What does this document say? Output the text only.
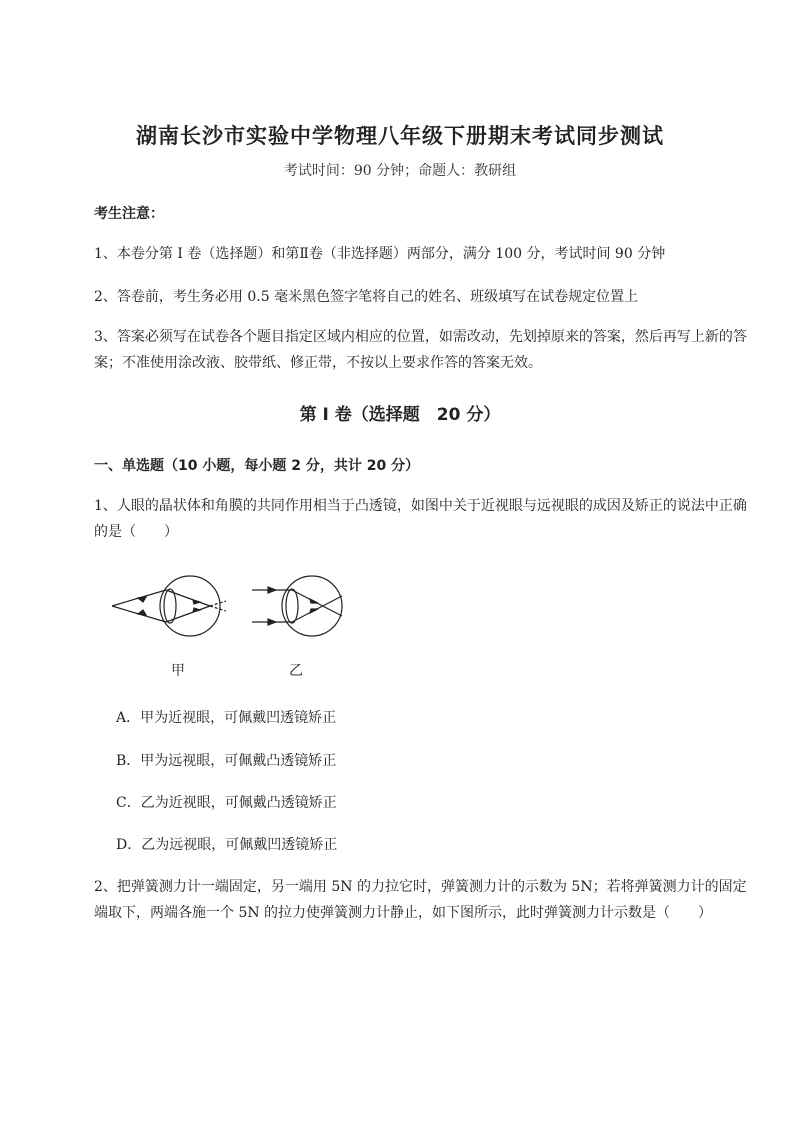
湖南长沙市实验中学物理八年级下册期末考试同步测试
考试时间：90 分钟；命题人：教研组
考生注意：
1、本卷分第 I 卷（选择题）和第Ⅱ卷（非选择题）两部分，满分 100 分，考试时间 90 分钟
2、答卷前，考生务必用 0.5 毫米黑色签字笔将自己的姓名、班级填写在试卷规定位置上
3、答案必须写在试卷各个题目指定区域内相应的位置，如需改动，先划掉原来的答案，然后再写上新的答案；不准使用涂改液、胶带纸、修正带，不按以上要求作答的答案无效。
第 I 卷（选择题　20 分）
一、单选题（10 小题，每小题 2 分，共计 20 分）
1、人眼的晶状体和角膜的共同作用相当于凸透镜，如图中关于近视眼与远视眼的成因及矫正的说法中正确的是（　　）
甲	乙
A．甲为近视眼，可佩戴凹透镜矫正
B．甲为远视眼，可佩戴凸透镜矫正
C．乙为近视眼，可佩戴凸透镜矫正
D．乙为远视眼，可佩戴凹透镜矫正
2、把弹簧测力计一端固定，另一端用 5N 的力拉它时，弹簧测力计的示数为 5N；若将弹簧测力计的固定端取下，两端各施一个 5N 的拉力使弹簧测力计静止，如下图所示，此时弹簧测力计示数是（　　）
